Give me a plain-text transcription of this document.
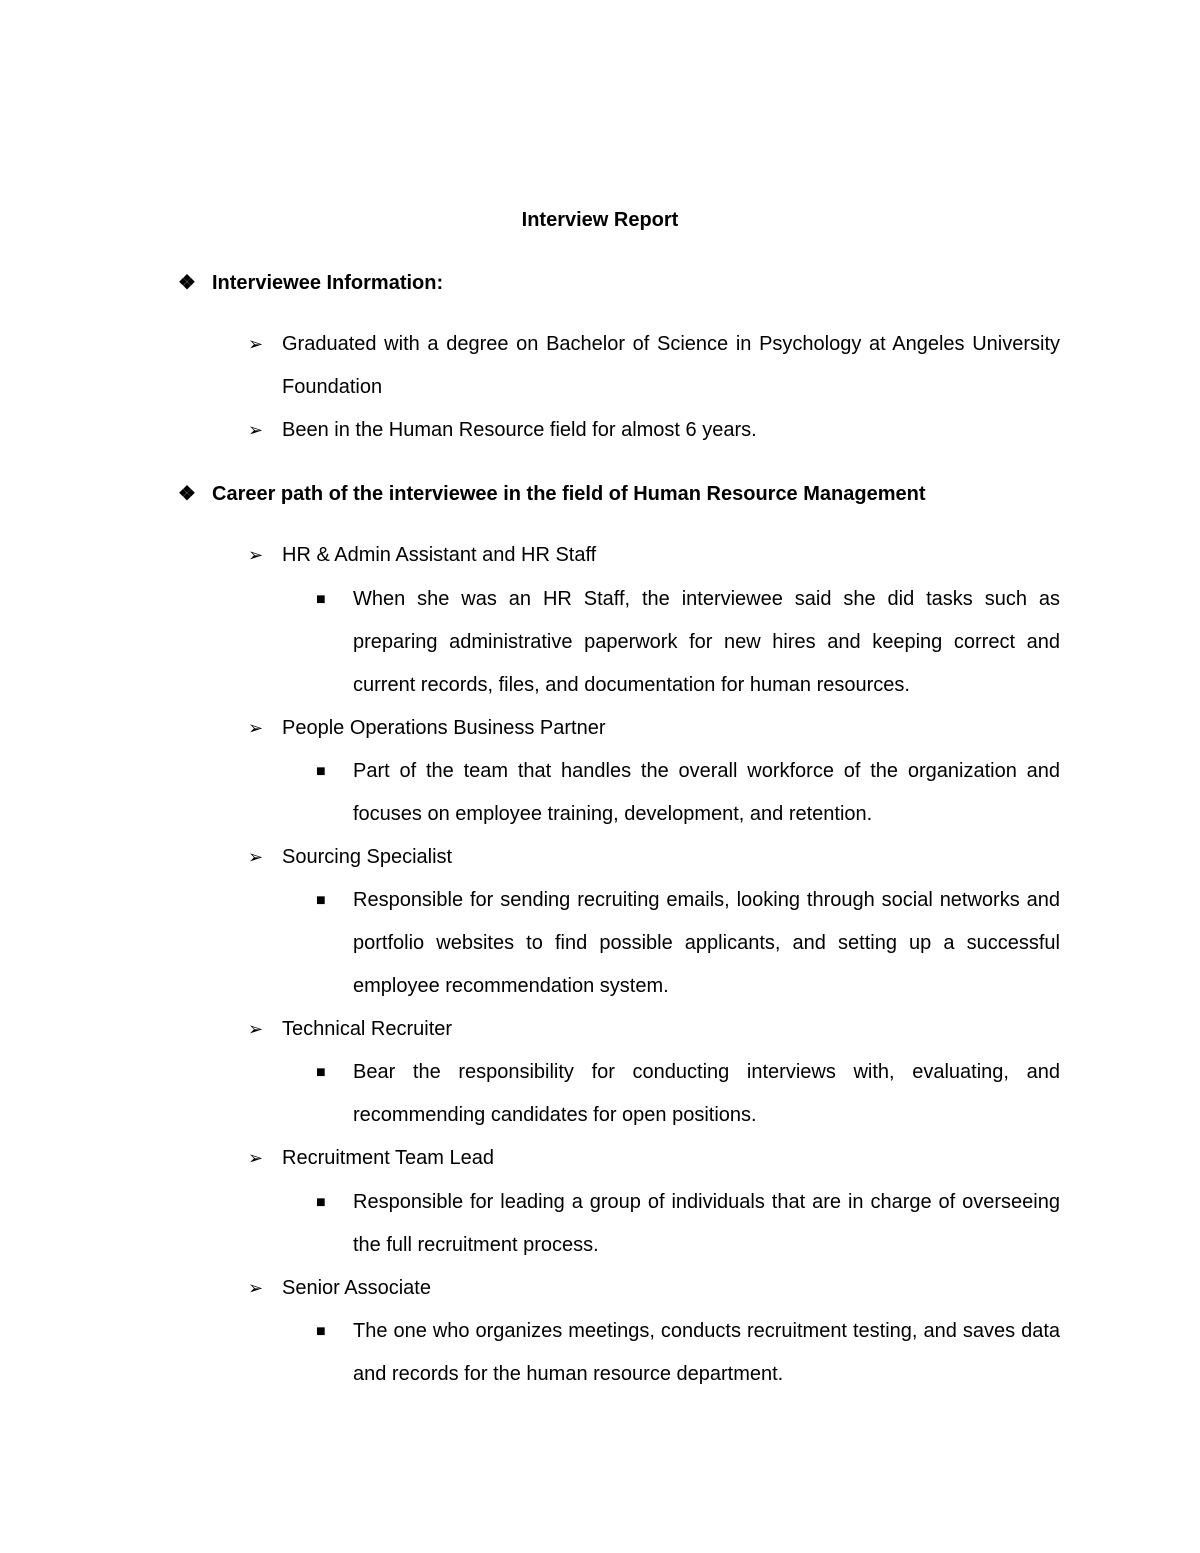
Interview Report
❖ Interviewee Information:
➢ Graduated with a degree on Bachelor of Science in Psychology at Angeles University Foundation
➢ Been in the Human Resource field for almost 6 years.
❖ Career path of the interviewee in the field of Human Resource Management
➢ HR & Admin Assistant and HR Staff
■	When she was an HR Staff, the interviewee said she did tasks such as preparing administrative paperwork for new hires and keeping correct and current records, files, and documentation for human resources.
➢ People Operations Business Partner
■	Part of the team that handles the overall workforce of the organization and focuses on employee training, development, and retention.
➢ Sourcing Specialist
■	Responsible for sending recruiting emails, looking through social networks and portfolio websites to find possible applicants, and setting up a successful employee recommendation system.
➢ Technical Recruiter
■	Bear the responsibility for conducting interviews with, evaluating, and recommending candidates for open positions.
➢ Recruitment Team Lead
■	Responsible for leading a group of individuals that are in charge of overseeing the full recruitment process.
➢ Senior Associate
■	The one who organizes meetings, conducts recruitment testing, and saves data and records for the human resource department.
